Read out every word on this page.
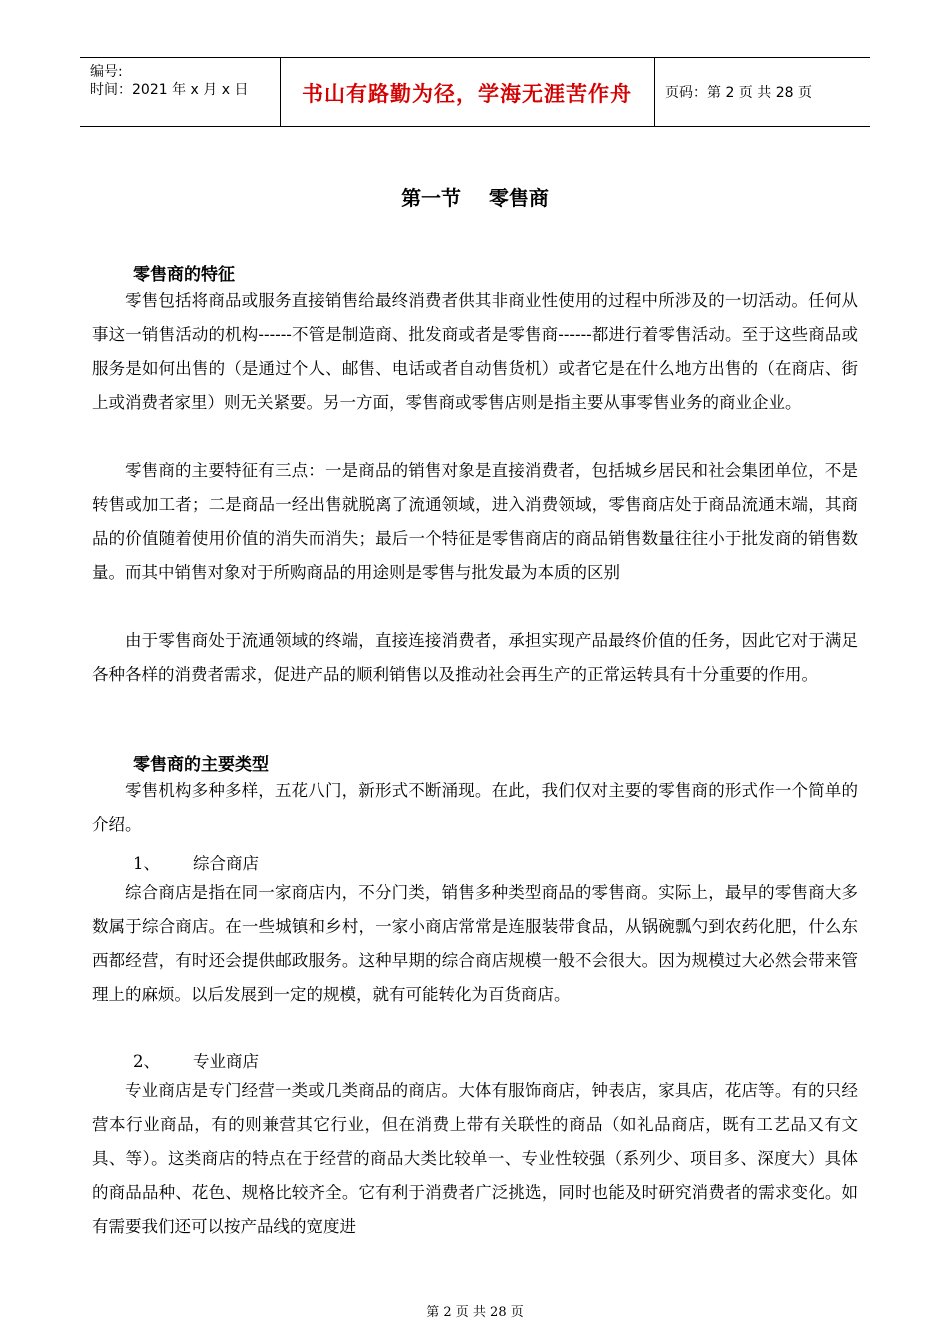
编号:
时间：2021 年 x 月 x 日	书山有路勤为径，学海无涯苦作舟	页码：第 2 页 共 28 页
第一节    零售商
零售商的特征

零售包括将商品或服务直接销售给最终消费者供其非商业性使用的过程中所涉及的一切活动。任何从事这一销售活动的机构------不管是制造商、批发商或者是零售商------都进行着零售活动。至于这些商品或服务是如何出售的（是通过个人、邮售、电话或者自动售货机）或者它是在什么地方出售的（在商店、街上或消费者家里）则无关紧要。另一方面，零售商或零售店则是指主要从事零售业务的商业企业。

零售商的主要特征有三点：一是商品的销售对象是直接消费者，包括城乡居民和社会集团单位，不是转售或加工者；二是商品一经出售就脱离了流通领域，进入消费领域，零售商店处于商品流通末端，其商品的价值随着使用价值的消失而消失；最后一个特征是零售商店的商品销售数量往往小于批发商的销售数量。而其中销售对象对于所购商品的用途则是零售与批发最为本质的区别

由于零售商处于流通领域的终端，直接连接消费者，承担实现产品最终价值的任务，因此它对于满足各种各样的消费者需求，促进产品的顺利销售以及推动社会再生产的正常运转具有十分重要的作用。

零售商的主要类型

零售机构多种多样，五花八门，新形式不断涌现。在此，我们仅对主要的零售商的形式作一个简单的介绍。

1、 综合商店

综合商店是指在同一家商店内，不分门类，销售多种类型商品的零售商。实际上，最早的零售商大多数属于综合商店。在一些城镇和乡村，一家小商店常常是连服装带食品，从锅碗瓢勺到农药化肥，什么东西都经营，有时还会提供邮政服务。这种早期的综合商店规模一般不会很大。因为规模过大必然会带来管理上的麻烦。以后发展到一定的规模，就有可能转化为百货商店。

2、 专业商店

专业商店是专门经营一类或几类商品的商店。大体有服饰商店，钟表店，家具店，花店等。有的只经营本行业商品，有的则兼营其它行业，但在消费上带有关联性的商品（如礼品商店，既有工艺品又有文具、等）。这类商店的特点在于经营的商品大类比较单一、专业性较强（系列少、项目多、深度大）具体的商品品种、花色、规格比较齐全。它有利于消费者广泛挑选，同时也能及时研究消费者的需求变化。如有需要我们还可以按产品线的宽度进

第 2 页 共 28 页
